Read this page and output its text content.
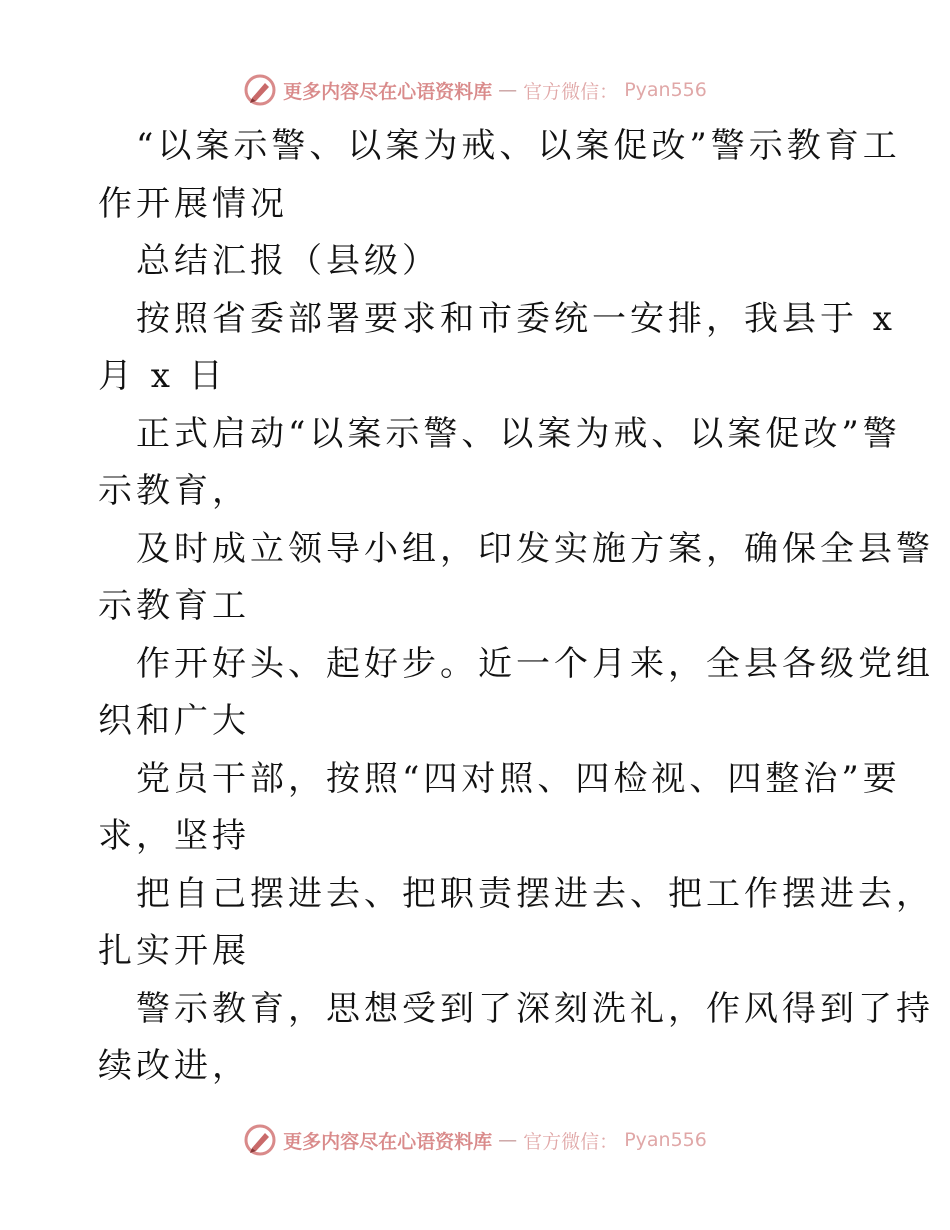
更多内容尽在心语资料库 — 官方微信： Pyan556
“以案示警、以案为戒、以案促改”警示教育工
作开展情况
总结汇报（县级）
按照省委部署要求和市委统一安排，我县于 x
月 x 日
正式启动“以案示警、以案为戒、以案促改”警
示教育，
及时成立领导小组，印发实施方案，确保全县警
示教育工
作开好头、起好步。近一个月来，全县各级党组
织和广大
党员干部，按照“四对照、四检视、四整治”要
求，坚持
把自己摆进去、把职责摆进去、把工作摆进去，
扎实开展
警示教育，思想受到了深刻洗礼，作风得到了持
续改进，
更多内容尽在心语资料库 — 官方微信： Pyan556
